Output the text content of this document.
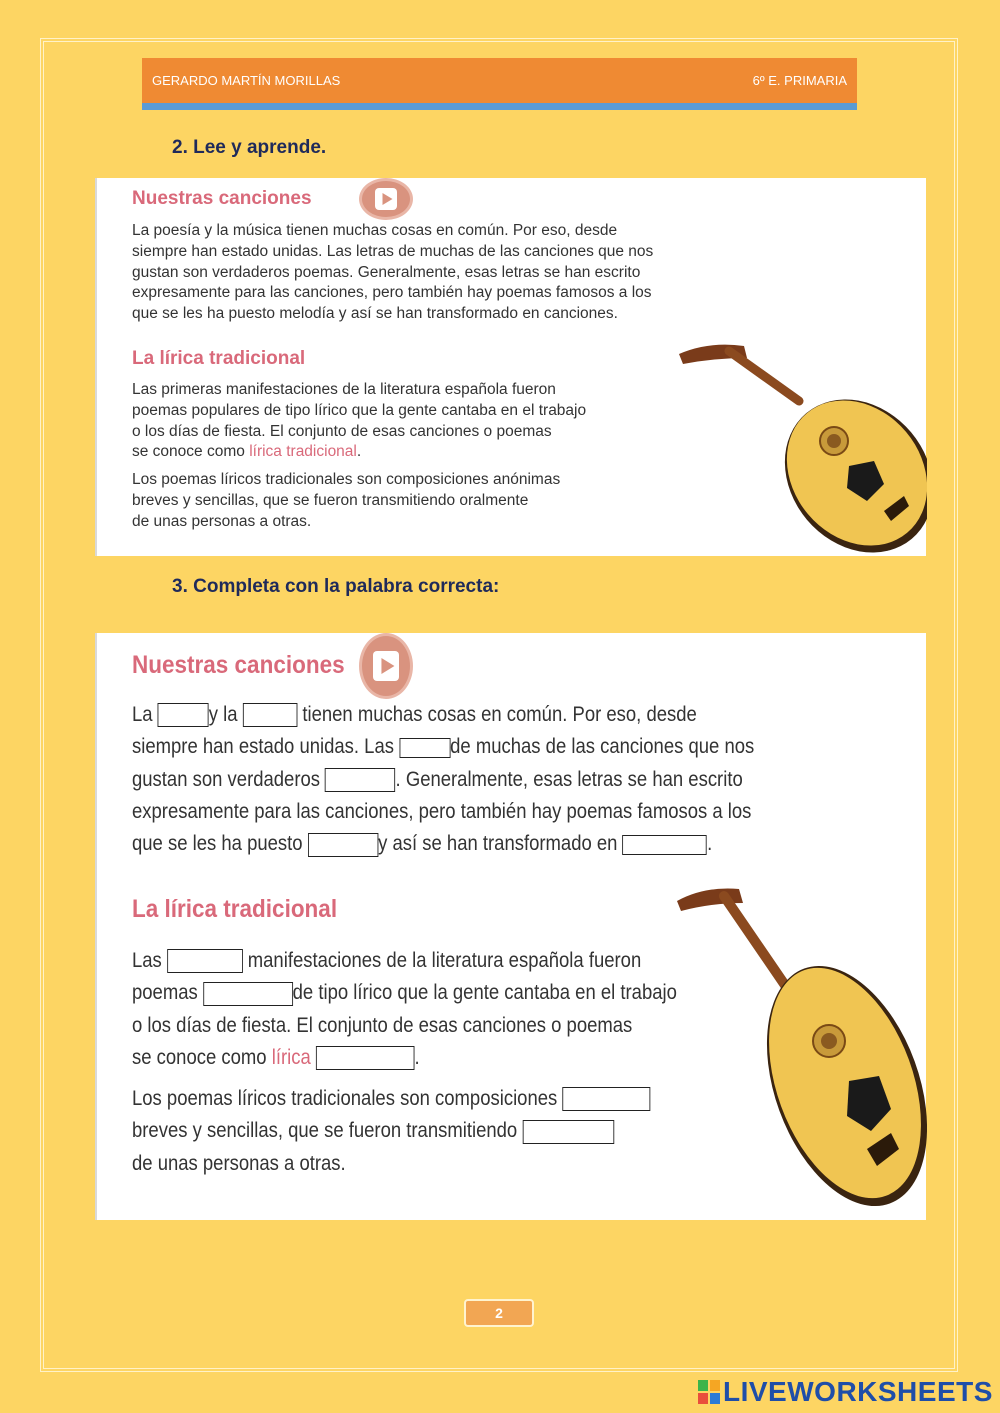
GERARDO MARTÍN MORILLAS	6º E. PRIMARIA
2. Lee y aprende.
Nuestras canciones
La poesía y la música tienen muchas cosas en común. Por eso, desde
siempre han estado unidas. Las letras de muchas de las canciones que nos
gustan son verdaderos poemas. Generalmente, esas letras se han escrito
expresamente para las canciones, pero también hay poemas famosos a los
que se les ha puesto melodía y así se han transformado en canciones.
La lírica tradicional
Las primeras manifestaciones de la literatura española fueron
poemas populares de tipo lírico que la gente cantaba en el trabajo
o los días de fiesta. El conjunto de esas canciones o poemas
se conoce como lírica tradicional.
Los poemas líricos tradicionales son composiciones anónimas
breves y sencillas, que se fueron transmitiendo oralmente
de unas personas a otras.
3. Completa con la palabra correcta:
Nuestras canciones
La y la	tienen muchas cosas en común. Por eso, desde
siempre han estado unidas. Las de muchas de las canciones que nos
gustan son verdaderos	. Generalmente, esas letras se han escrito
expresamente para las canciones, pero también hay poemas famosos a los
que se les ha puesto	y así se han transformado en	.
La lírica tradicional
Las	manifestaciones de la literatura española fueron
poemas	de tipo lírico que la gente cantaba en el trabajo
o los días de fiesta. El conjunto de esas canciones o poemas
se conoce como lírica	.
Los poemas líricos tradicionales son composiciones
breves y sencillas, que se fueron transmitiendo
de unas personas a otras.
2
LIVEWORKSHEETS
